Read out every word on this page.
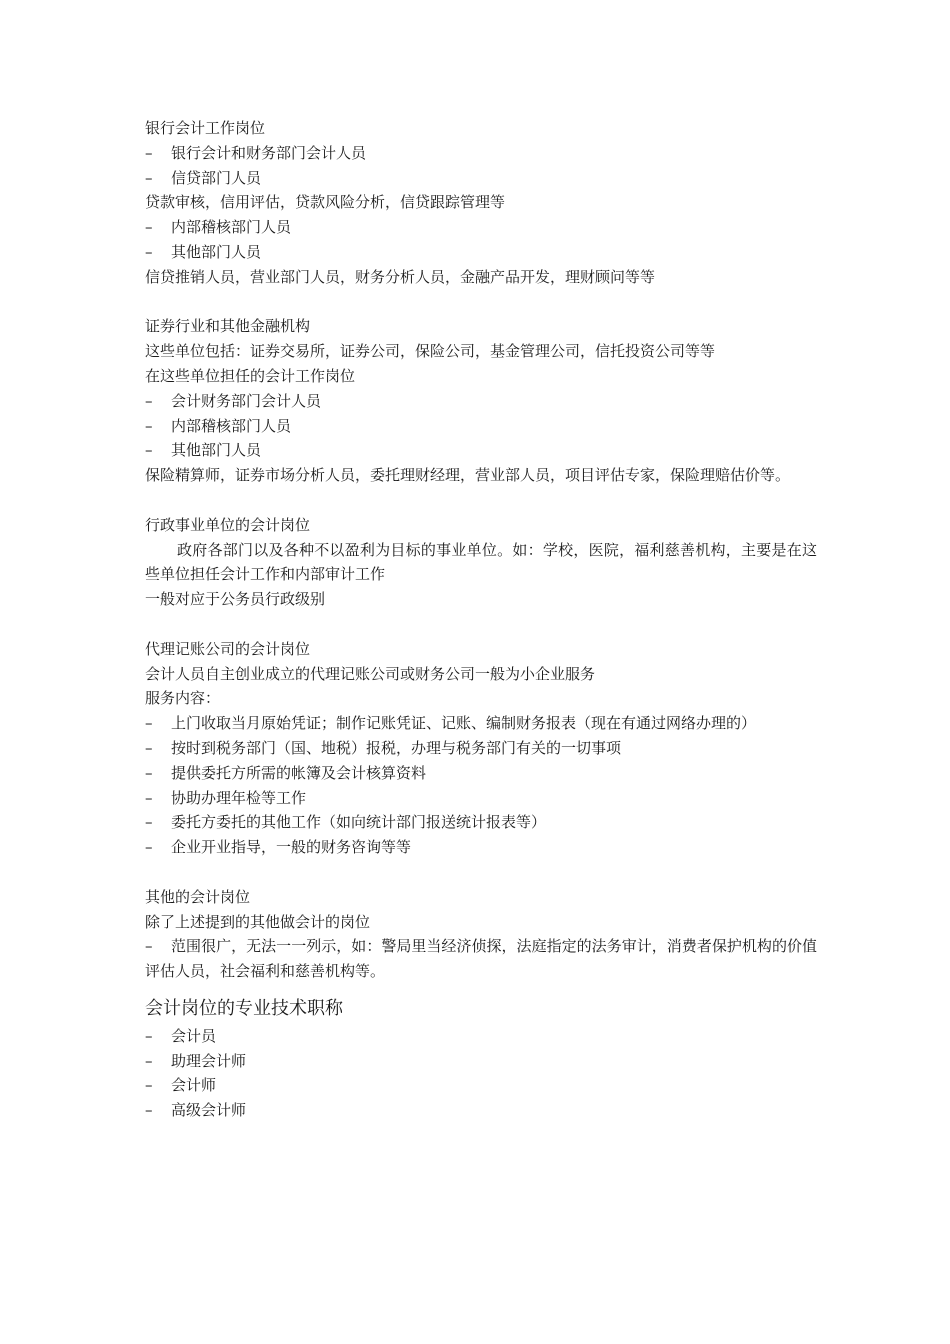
银行会计工作岗位
– 银行会计和财务部门会计人员
– 信贷部门人员
贷款审核，信用评估，贷款风险分析，信贷跟踪管理等
– 内部稽核部门人员
– 其他部门人员
信贷推销人员，营业部门人员，财务分析人员，金融产品开发，理财顾问等等
证券行业和其他金融机构
这些单位包括：证券交易所，证券公司，保险公司，基金管理公司，信托投资公司等等
在这些单位担任的会计工作岗位
– 会计财务部门会计人员
– 内部稽核部门人员
– 其他部门人员
保险精算师，证券市场分析人员，委托理财经理，营业部人员，项目评估专家，保险理赔估价等。
行政事业单位的会计岗位
政府各部门以及各种不以盈利为目标的事业单位。如：学校，医院，福利慈善机构，主要是在这些单位担任会计工作和内部审计工作
一般对应于公务员行政级别
代理记账公司的会计岗位
会计人员自主创业成立的代理记账公司或财务公司一般为小企业服务
服务内容：
– 上门收取当月原始凭证；制作记账凭证、记账、编制财务报表（现在有通过网络办理的）
– 按时到税务部门（国、地税）报税，办理与税务部门有关的一切事项
– 提供委托方所需的帐簿及会计核算资料
– 协助办理年检等工作
– 委托方委托的其他工作（如向统计部门报送统计报表等）
– 企业开业指导，一般的财务咨询等等
其他的会计岗位
除了上述提到的其他做会计的岗位
– 范围很广，无法一一列示，如：警局里当经济侦探，法庭指定的法务审计，消费者保护机构的价值评估人员，社会福利和慈善机构等。
会计岗位的专业技术职称
– 会计员
– 助理会计师
– 会计师
– 高级会计师
